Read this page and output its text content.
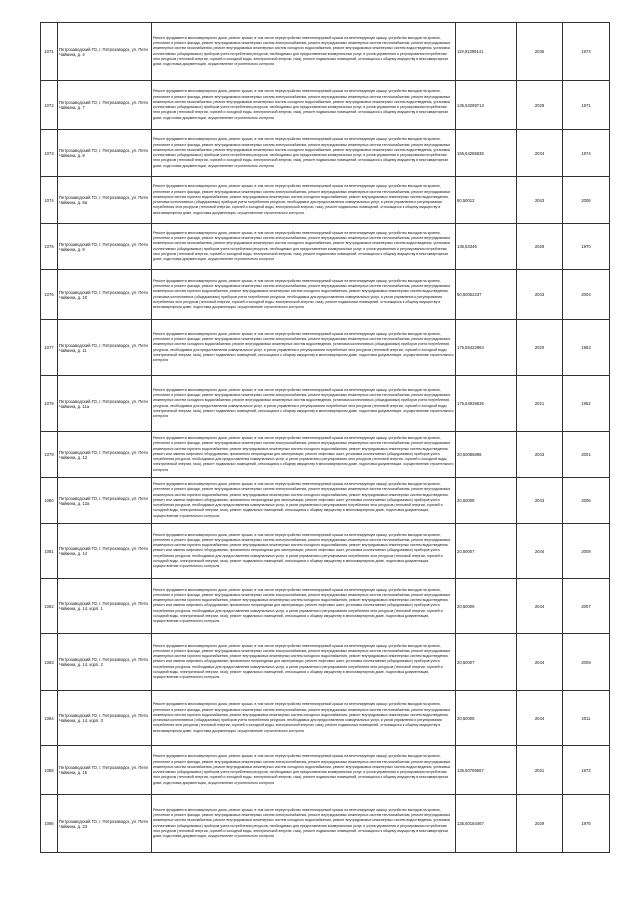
1071	Петрозаводский ГО, г. Петрозаводск, ул. Пети Чайкина, д. 4	Ремонт фундамента многоквартирного дома, ремонт крыши, в том числе переустройство невентилируемой крыши на вентилируемую крышу, устройство выходов на кровлю, утепление и ремонт фасада, ремонт внутридомовых инженерных систем электроснабжения, ремонт внутридомовых инженерных систем теплоснабжения, ремонт внутридомовых инженерных систем газоснабжения, ремонт внутридомовых инженерных систем холодного водоснабжения, ремонт внутридомовых инженерных систем водоотведения, установка коллективных (общедомовых) приборов учета потребления ресурсов, необходимых для предоставления коммунальных услуг, и узлов управления и регулирования потребления этих ресурсов (тепловой энергии, горячей и холодной воды, электрической энергии, газа), ремонт подвальных помещений, относящихся к общему имуществу в многоквартирном доме, подготовка документации, осуществление строительного контроля	119,91399141	2035	1974
1072	Петрозаводский ГО, г. Петрозаводск, ул. Пети Чайкина, д. 7	Ремонт фундамента многоквартирного дома, ремонт крыши, в том числе переустройство невентилируемой крыши на вентилируемую крышу, устройство выходов на кровлю, утепление и ремонт фасада, ремонт внутридомовых инженерных систем электроснабжения, ремонт внутридомовых инженерных систем теплоснабжения, ремонт внутридомовых инженерных систем газоснабжения, ремонт внутридомовых инженерных систем холодного водоснабжения, ремонт внутридомовых инженерных систем водоотведения, установка коллективных (общедомовых) приборов учета потребления ресурсов, необходимых для предоставления коммунальных услуг, и узлов управления и регулирования потребления этих ресурсов (тепловой энергии, горячей и холодной воды, электрической энергии, газа), ремонт подвальных помещений, относящихся к общему имуществу в многоквартирном доме, подготовка документации, осуществление строительного контроля	135,53289713	2029	1971
1073	Петрозаводский ГО, г. Петрозаводск, ул. Пети Чайкина, д. 8	Ремонт фундамента многоквартирного дома, ремонт крыши, в том числе переустройство невентилируемой крыши на вентилируемую крышу, устройство выходов на кровлю, утепление и ремонт фасада, ремонт внутридомовых инженерных систем электроснабжения, ремонт внутридомовых инженерных систем теплоснабжения, ремонт внутридомовых инженерных систем газоснабжения, ремонт внутридомовых инженерных систем холодного водоснабжения, ремонт внутридомовых инженерных систем водоотведения, установка коллективных (общедомовых) приборов учета потребления ресурсов, необходимых для предоставления коммунальных услуг, и узлов управления и регулирования потребления этих ресурсов (тепловой энергии, горячей и холодной воды, электрической энергии, газа), ремонт подвальных помещений, относящихся к общему имуществу в многоквартирном доме, подготовка документации, осуществление строительного контроля	155,64286636	2034	1974
1074	Петрозаводский ГО, г. Петрозаводск, ул. Пети Чайкина, д. 8а	Ремонт фундамента многоквартирного дома, ремонт крыши, в том числе переустройство невентилируемой крыши на вентилируемую крышу, устройство выходов на кровлю, утепление и ремонт фасада, ремонт внутридомовых инженерных систем электроснабжения, ремонт внутридомовых инженерных систем теплоснабжения, ремонт внутридомовых инженерных систем горячего водоснабжения, ремонт внутридомовых инженерных систем холодного водоснабжения, ремонт внутридомовых инженерных систем водоотведения, установка коллективных (общедомовых) приборов учета потребления ресурсов, необходимых для предоставления коммунальных услуг, и узлов управления и регулирования потребления этих ресурсов (тепловой энергии, горячей и холодной воды, электрической энергии, газа), ремонт подвальных помещений, относящихся к общему имуществу в многоквартирном доме, подготовка документации, осуществление строительного контроля	60,50012	2043	2006
1075	Петрозаводский ГО, г. Петрозаводск, ул. Пети Чайкина, д. 9	Ремонт фундамента многоквартирного дома, ремонт крыши, в том числе переустройство невентилируемой крыши на вентилируемую крышу, устройство выходов на кровлю, утепление и ремонт фасада, ремонт внутридомовых инженерных систем электроснабжения, ремонт внутридомовых инженерных систем теплоснабжения, ремонт внутридомовых инженерных систем газоснабжения, ремонт внутридомовых инженерных систем холодного водоснабжения, ремонт внутридомовых инженерных систем водоотведения, установка коллективных (общедомовых) приборов учета потребления ресурсов, необходимых для предоставления коммунальных услуг, и узлов управления и регулирования потребления этих ресурсов (тепловой энергии, горячей и холодной воды, электрической энергии, газа), ремонт подвальных помещений, относящихся к общему имуществу в многоквартирном доме, подготовка документации, осуществление строительного контроля	135,53346	2029	1970
1076	Петрозаводский ГО, г. Петрозаводск, ул. Пети Чайкина, д. 10	Ремонт фундамента многоквартирного дома, ремонт крыши, в том числе переустройство невентилируемой крыши на вентилируемую крышу, устройство выходов на кровлю, утепление и ремонт фасада, ремонт внутридомовых инженерных систем электроснабжения, ремонт внутридомовых инженерных систем теплоснабжения, ремонт внутридомовых инженерных систем горячего водоснабжения, ремонт внутридомовых инженерных систем холодного водоснабжения, ремонт внутридомовых инженерных систем водоотведения, установка коллективных (общедомовых) приборов учета потребления ресурсов, необходимых для предоставления коммунальных услуг, и узлов управления и регулирования потребления этих ресурсов (тепловой энергии, горячей и холодной воды, электрической энергии, газа), ремонт подвальных помещений, относящихся к общему имуществу в многоквартирном доме, подготовка документации, осуществление строительного контроля	60,50052237	2043	2004
1077	Петрозаводский ГО, г. Петрозаводск, ул. Пети Чайкина, д. 11	Ремонт фундамента многоквартирного дома, ремонт крыши, в том числе переустройство невентилируемой крыши на вентилируемую крышу, устройство выходов на кровлю, утепление и ремонт фасада, ремонт внутридомовых инженерных систем электроснабжения, ремонт внутридомовых инженерных систем теплоснабжения, ремонт внутридомовых инженерных систем холодного водоснабжения, ремонт внутридомовых инженерных систем водоотведения, установка коллективных (общедомовых) приборов учета потребления ресурсов, необходимых для предоставления коммунальных услуг, и узлов управления и регулирования потребления этих ресурсов (тепловой энергии, горячей и холодной воды, электрической энергии, газа), ремонт подвальных помещений, относящихся к общему имуществу в многоквартирном доме, подготовка документации, осуществление строительного контроля	175,55422964	2020	1953
1078	Петрозаводский ГО, г. Петрозаводск, ул. Пети Чайкина, д. 11а	Ремонт фундамента многоквартирного дома, ремонт крыши, в том числе переустройство невентилируемой крыши на вентилируемую крышу, устройство выходов на кровлю, утепление и ремонт фасада, ремонт внутридомовых инженерных систем электроснабжения, ремонт внутридомовых инженерных систем теплоснабжения, ремонт внутридомовых инженерных систем холодного водоснабжения, ремонт внутридомовых инженерных систем водоотведения, установка коллективных (общедомовых) приборов учета потребления ресурсов, необходимых для предоставления коммунальных услуг, и узлов управления и регулирования потребления этих ресурсов (тепловой энергии, горячей и холодной воды, электрической энергии, газа), ремонт подвальных помещений, относящихся к общему имуществу в многоквартирном доме, подготовка документации, осуществление строительного контроля	175,54928636	2021	1952
1079	Петрозаводский ГО, г. Петрозаводск, ул. Пети Чайкина, д. 12	Ремонт фундамента многоквартирного дома, ремонт крыши, в том числе переустройство невентилируемой крыши на вентилируемую крышу, устройство выходов на кровлю, утепление и ремонт фасада, ремонт внутридомовых инженерных систем электроснабжения, ремонт внутридомовых инженерных систем теплоснабжения, ремонт внутридомовых инженерных систем горячего водоснабжения, ремонт внутридомовых инженерных систем холодного водоснабжения, ремонт внутридомовых инженерных систем водоотведения, ремонт или замена лифтового оборудования, признанного непригодным для эксплуатации, ремонт лифтовых шахт, установка коллективных (общедомовых) приборов учета потребления ресурсов, необходимых для предоставления коммунальных услуг, и узлов управления и регулирования этих ресурсов (тепловой энергии, горячей и холодной воды, электрической энергии, газа), ремонт подвальных помещений, относящихся к общему имуществу в многоквартирном доме, подготовка документации, осуществление строительного контроля	20,50086898	2043	2001
1080	Петрозаводский ГО, г. Петрозаводск, ул. Пети Чайкина, д. 12а	Ремонт фундамента многоквартирного дома, ремонт крыши, в том числе переустройство невентилируемой крыши на вентилируемую крышу, устройство выходов на кровлю, утепление и ремонт фасада, ремонт внутридомовых инженерных систем электроснабжения, ремонт внутридомовых инженерных систем теплоснабжения, ремонт внутридомовых инженерных систем горячего водоснабжения, ремонт внутридомовых инженерных систем холодного водоснабжения, ремонт внутридомовых инженерных систем водоотведения, ремонт или замена лифтового оборудования, признанного непригодным для эксплуатации, ремонт лифтовых шахт, установка коллективных (общедомовых) приборов учета потребления ресурсов, необходимых для предоставления коммунальных услуг, и узлов управления и регулирования потребления этих ресурсов (тепловой энергии, горячей и холодной воды, электрической энергии, газа), ремонт подвальных помещений, относящихся к общему имуществу в многоквартирном доме, подготовка документации, осуществление строительного контроля	20,50008	2043	2006
1081	Петрозаводский ГО, г. Петрозаводск, ул. Пети Чайкина, д. 14	Ремонт фундамента многоквартирного дома, ремонт крыши, в том числе переустройство невентилируемой крыши на вентилируемую крышу, устройство выходов на кровлю, утепление и ремонт фасада, ремонт внутридомовых инженерных систем электроснабжения, ремонт внутридомовых инженерных систем теплоснабжения, ремонт внутридомовых инженерных систем горячего водоснабжения, ремонт внутридомовых инженерных систем холодного водоснабжения, ремонт внутридомовых инженерных систем водоотведения, ремонт или замена лифтового оборудования, признанного непригодным для эксплуатации, ремонт лифтовых шахт, установка коллективных (общедомовых) приборов учета потребления ресурсов, необходимых для предоставления коммунальных услуг, и узлов управления и регулирования потребления этих ресурсов (тепловой энергии, горячей и холодной воды, электрической энергии, газа), ремонт подвальных помещений, относящихся к общему имуществу в многоквартирном доме, подготовка документации, осуществление строительного контроля	20,50007	2044	2009
1082	Петрозаводский ГО, г. Петрозаводск, ул. Пети Чайкина, д. 14, корп. 1	Ремонт фундамента многоквартирного дома, ремонт крыши, в том числе переустройство невентилируемой крыши на вентилируемую крышу, устройство выходов на кровлю, утепление и ремонт фасада, ремонт внутридомовых инженерных систем электроснабжения, ремонт внутридомовых инженерных систем теплоснабжения, ремонт внутридомовых инженерных систем горячего водоснабжения, ремонт внутридомовых инженерных систем холодного водоснабжения, ремонт внутридомовых инженерных систем водоотведения, ремонт или замена лифтового оборудования, признанного непригодным для эксплуатации, ремонт лифтовых шахт, установка коллективных (общедомовых) приборов учета потребления ресурсов, необходимых для предоставления коммунальных услуг, и узлов управления и регулирования потребления этих ресурсов (тепловой энергии, горячей и холодной воды, электрической энергии, газа), ремонт подвальных помещений, относящихся к общему имуществу в многоквартирном доме, подготовка документации, осуществление строительного контроля	20,50009	2044	2007
1083	Петрозаводский ГО, г. Петрозаводск, ул. Пети Чайкина, д. 14, корп. 2	Ремонт фундамента многоквартирного дома, ремонт крыши, в том числе переустройство невентилируемой крыши на вентилируемую крышу, устройство выходов на кровлю, утепление и ремонт фасада, ремонт внутридомовых инженерных систем электроснабжения, ремонт внутридомовых инженерных систем теплоснабжения, ремонт внутридомовых инженерных систем горячего водоснабжения, ремонт внутридомовых инженерных систем холодного водоснабжения, ремонт внутридомовых инженерных систем водоотведения, ремонт или замена лифтового оборудования, признанного непригодным для эксплуатации, ремонт лифтовых шахт, установка коллективных (общедомовых) приборов учета потребления ресурсов, необходимых для предоставления коммунальных услуг, и узлов управления и регулирования потребления этих ресурсов (тепловой энергии, горячей и холодной воды, электрической энергии, газа), ремонт подвальных помещений, относящихся к общему имуществу в многоквартирном доме, подготовка документации, осуществление строительного контроля	20,50007	2044	2009
1084	Петрозаводский ГО, г. Петрозаводск, ул. Пети Чайкина, д. 14, корп. 3	Ремонт фундамента многоквартирного дома, ремонт крыши, в том числе переустройство невентилируемой крыши на вентилируемую крышу, устройство выходов на кровлю, утепление и ремонт фасада, ремонт внутридомовых инженерных систем электроснабжения, ремонт внутридомовых инженерных систем теплоснабжения, ремонт внутридомовых инженерных систем горячего водоснабжения, ремонт внутридомовых инженерных систем холодного водоснабжения, ремонт внутридомовых инженерных систем водоотведения, установка коллективных (общедомовых) приборов учета потребления ресурсов, необходимых для предоставления коммунальных услуг, и узлов управления и регулирования потребления этих ресурсов (тепловой энергии, горячей и холодной воды, электрической энергии, газа), ремонт подвальных помещений, относящихся к общему имуществу в многоквартирном доме, подготовка документации, осуществление строительного контроля	20,50005	2044	2011
1085	Петрозаводский ГО, г. Петрозаводск, ул. Пети Чайкина, д. 15	Ремонт фундамента многоквартирного дома, ремонт крыши, в том числе переустройство невентилируемой крыши на вентилируемую крышу, устройство выходов на кровлю, утепление и ремонт фасада, ремонт внутридомовых инженерных систем электроснабжения, ремонт внутридомовых инженерных систем теплоснабжения, ремонт внутридомовых инженерных систем газоснабжения, ремонт внутридомовых инженерных систем холодного водоснабжения, ремонт внутридомовых инженерных систем водоотведения, установка коллективных (общедомовых) приборов учета потребления ресурсов, необходимых для предоставления коммунальных услуг, и узлов управления и регулирования потребления этих ресурсов (тепловой энергии, горячей и холодной воды, электрической энергии, газа), ремонт подвальных помещений, относящихся к общему имуществу в многоквартирном доме, подготовка документации, осуществление строительного контроля	135,50789567	2031	1972
1086	Петрозаводский ГО, г. Петрозаводск, ул. Пети Чайкина, д. 23	Ремонт фундамента многоквартирного дома, ремонт крыши, в том числе переустройство невентилируемой крыши на вентилируемую крышу, устройство выходов на кровлю, утепление и ремонт фасада, ремонт внутридомовых инженерных систем электроснабжения, ремонт внутридомовых инженерных систем теплоснабжения, ремонт внутридомовых инженерных систем газоснабжения, ремонт внутридомовых инженерных систем холодного водоснабжения, ремонт внутридомовых инженерных систем водоотведения, установка коллективных (общедомовых) приборов учета потребления ресурсов, необходимых для предоставления коммунальных услуг, и узлов управления и регулирования потребления этих ресурсов (тепловой энергии, горячей и холодной воды, электрической энергии, газа), ремонт подвальных помещений, относящихся к общему имуществу в многоквартирном доме, подготовка документации, осуществление строительного контроля	135,50184467	2029	1976
